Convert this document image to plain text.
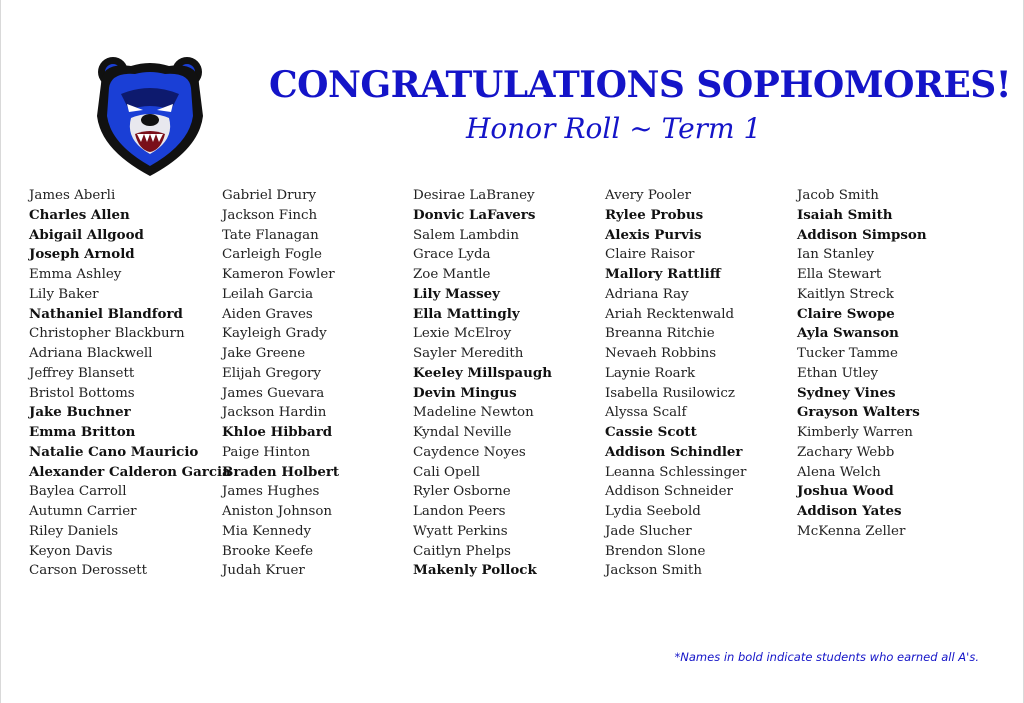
CONGRATULATIONS SOPHOMORES!
Honor Roll ~ Term 1
James Aberli
Charles Allen
Abigail Allgood
Joseph Arnold
Emma Ashley
Lily Baker
Nathaniel Blandford
Christopher Blackburn
Adriana Blackwell
Jeffrey Blansett
Bristol Bottoms
Jake Buchner
Emma Britton
Natalie Cano Mauricio
Alexander Calderon Garcia
Baylea Carroll
Autumn Carrier
Riley Daniels
Keyon Davis
Carson Derossett
Gabriel Drury
Jackson Finch
Tate Flanagan
Carleigh Fogle
Kameron Fowler
Leilah Garcia
Aiden Graves
Kayleigh Grady
Jake Greene
Elijah Gregory
James Guevara
Jackson Hardin
Khloe Hibbard
Paige Hinton
Braden Holbert
James Hughes
Aniston Johnson
Mia Kennedy
Brooke Keefe
Judah Kruer
Desirae LaBraney
Donvic LaFavers
Salem Lambdin
Grace Lyda
Zoe Mantle
Lily Massey
Ella Mattingly
Lexie McElroy
Sayler Meredith
Keeley Millspaugh
Devin Mingus
Madeline Newton
Kyndal Neville
Caydence Noyes
Cali Opell
Ryler Osborne
Landon Peers
Wyatt Perkins
Caitlyn Phelps
Makenly Pollock
Avery Pooler
Rylee Probus
Alexis Purvis
Claire Raisor
Mallory Rattliff
Adriana Ray
Ariah Recktenwald
Breanna Ritchie
Nevaeh Robbins
Laynie Roark
Isabella Rusilowicz
Alyssa Scalf
Cassie Scott
Addison Schindler
Leanna Schlessinger
Addison Schneider
Lydia Seebold
Jade Slucher
Brendon Slone
Jackson Smith
Jacob Smith
Isaiah Smith
Addison Simpson
Ian Stanley
Ella Stewart
Kaitlyn Streck
Claire Swope
Ayla Swanson
Tucker Tamme
Ethan Utley
Sydney Vines
Grayson Walters
Kimberly Warren
Zachary Webb
Alena Welch
Joshua Wood
Addison Yates
McKenna Zeller
*Names in bold indicate students who earned all A's.
